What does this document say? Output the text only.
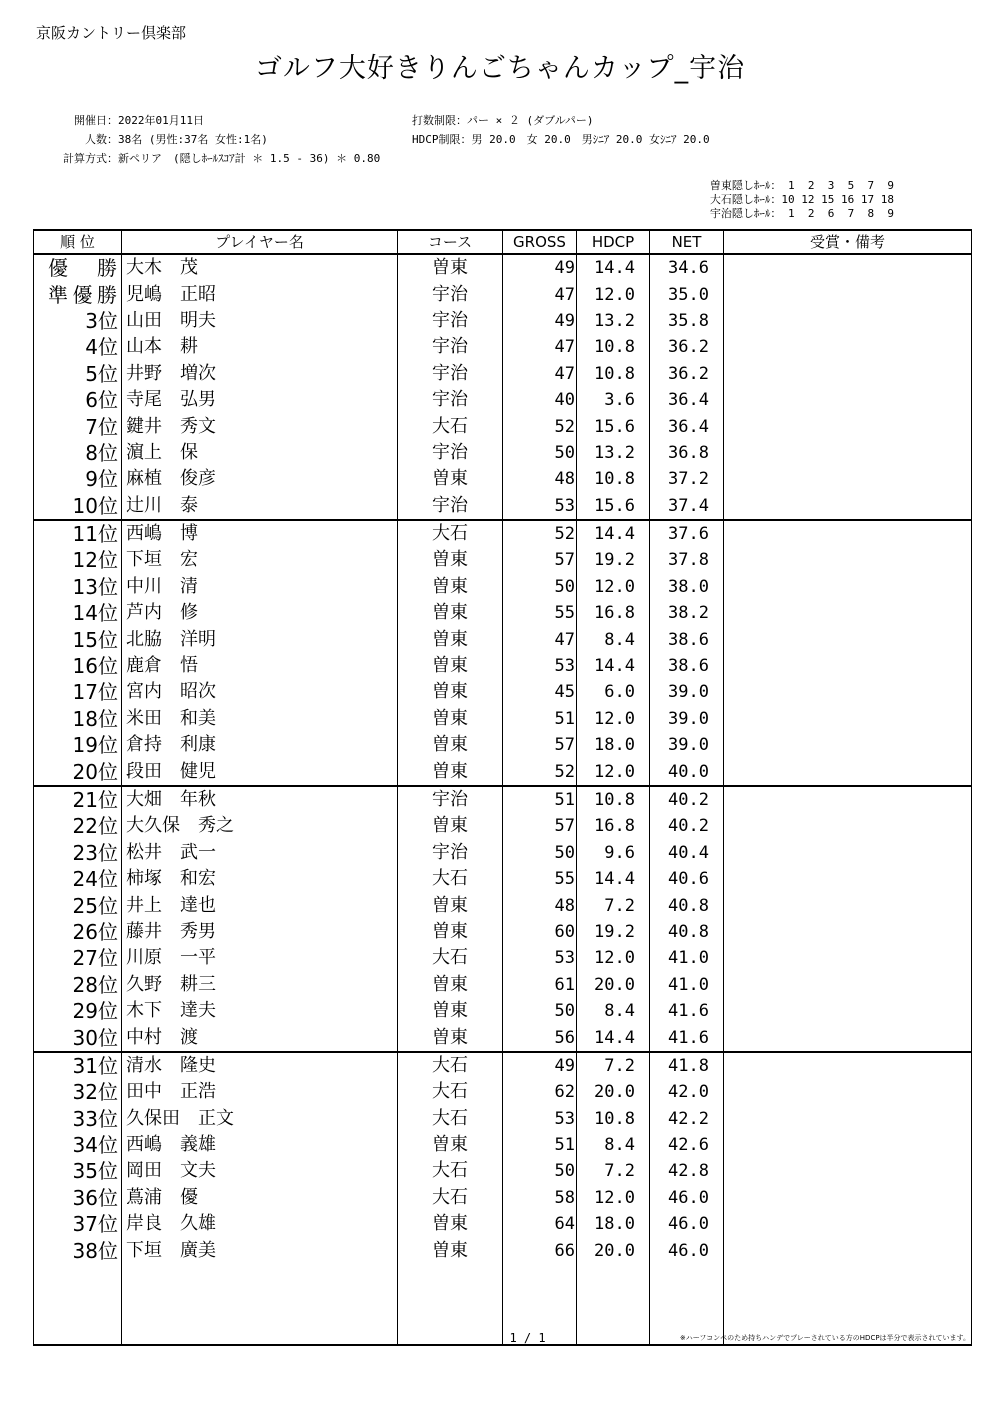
京阪カントリー倶楽部
ゴルフ大好きりんごちゃんカップ_宇治
開催日：2022年01月11日
人数：38名 (男性:37名 女性:1名)
計算方式：新ペリア　(隠しﾎｰﾙｽｺｱ計 ＊ 1.5 - 36) ＊ 0.80
打数制限：パー × ２ (ダブルパー)
HDCP制限：男 20.0　女 20.0　男ｼﾆｱ 20.0 女ｼﾆｱ 20.0
曽東隠しﾎｰﾙ： 1  2  3  5  7  9
大石隠しﾎｰﾙ：10 12 15 16 17 18
宇治隠しﾎｰﾙ： 1  2  6  7  8  9
順 位	プレイヤー名	コース	GROSS	HDCP	NET	受賞・備考
優 勝	大木　茂	曽東	49	14.4	34.6	
準優勝	児嶋　正昭	宇治	47	12.0	35.0	
3位	山田　明夫	宇治	49	13.2	35.8	
4位	山本　耕	宇治	47	10.8	36.2	
5位	井野　増次	宇治	47	10.8	36.2	
6位	寺尾　弘男	宇治	40	3.6	36.4	
7位	鍵井　秀文	大石	52	15.6	36.4	
8位	濵上　保	宇治	50	13.2	36.8	
9位	麻植　俊彦	曽東	48	10.8	37.2	
10位	辻川　泰	宇治	53	15.6	37.4	
11位	西嶋　博	大石	52	14.4	37.6	
12位	下垣　宏	曽東	57	19.2	37.8	
13位	中川　清	曽東	50	12.0	38.0	
14位	芦内　修	曽東	55	16.8	38.2	
15位	北脇　洋明	曽東	47	8.4	38.6	
16位	鹿倉　悟	曽東	53	14.4	38.6	
17位	宮内　昭次	曽東	45	6.0	39.0	
18位	米田　和美	曽東	51	12.0	39.0	
19位	倉持　利康	曽東	57	18.0	39.0	
20位	段田　健児	曽東	52	12.0	40.0	
21位	大畑　年秋	宇治	51	10.8	40.2	
22位	大久保　秀之	曽東	57	16.8	40.2	
23位	松井　武一	宇治	50	9.6	40.4	
24位	柿塚　和宏	大石	55	14.4	40.6	
25位	井上　達也	曽東	48	7.2	40.8	
26位	藤井　秀男	曽東	60	19.2	40.8	
27位	川原　一平	大石	53	12.0	41.0	
28位	久野　耕三	曽東	61	20.0	41.0	
29位	木下　達夫	曽東	50	8.4	41.6	
30位	中村　渡	曽東	56	14.4	41.6	
31位	清水　隆史	大石	49	7.2	41.8	
32位	田中　正浩	大石	62	20.0	42.0	
33位	久保田　正文	大石	53	10.8	42.2	
34位	西嶋　義雄	曽東	51	8.4	42.6	
35位	岡田　文夫	大石	50	7.2	42.8	
36位	蔦浦　優	大石	58	12.0	46.0	
37位	岸良　久雄	曽東	64	18.0	46.0	
38位	下垣　廣美	曽東	66	20.0	46.0	

1 / 1	※ハーフコンペのため持ちハンデでプレーされている方のHDCPは半分で表示されています。
